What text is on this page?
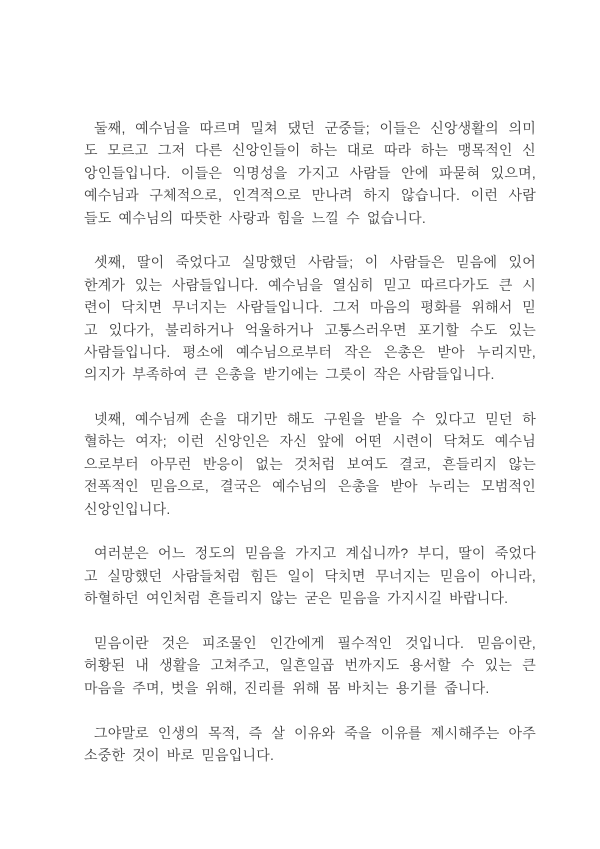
둘째, 예수님을 따르며 밀쳐 댔던 군중들; 이들은 신앙생활의 의미
도 모르고 그저 다른 신앙인들이 하는 대로 따라 하는 맹목적인 신
앙인들입니다. 이들은 익명성을 가지고 사람들 안에 파묻혀 있으며,
예수님과 구체적으로, 인격적으로 만나려 하지 않습니다. 이런 사람
들도 예수님의 따뜻한 사랑과 힘을 느낄 수 없습니다.
셋째, 딸이 죽었다고 실망했던 사람들; 이 사람들은 믿음에 있어
한계가 있는 사람들입니다. 예수님을 열심히 믿고 따르다가도 큰 시
련이 닥치면 무너지는 사람들입니다. 그저 마음의 평화를 위해서 믿
고 있다가, 불리하거나 억울하거나 고통스러우면 포기할 수도 있는
사람들입니다. 평소에 예수님으로부터 작은 은총은 받아 누리지만,
의지가 부족하여 큰 은총을 받기에는 그릇이 작은 사람들입니다.
넷째, 예수님께 손을 대기만 해도 구원을 받을 수 있다고 믿던 하
혈하는 여자; 이런 신앙인은 자신 앞에 어떤 시련이 닥쳐도 예수님
으로부터 아무런 반응이 없는 것처럼 보여도 결코, 흔들리지 않는
전폭적인 믿음으로, 결국은 예수님의 은총을 받아 누리는 모범적인
신앙인입니다.
여러분은 어느 정도의 믿음을 가지고 계십니까? 부디, 딸이 죽었다
고 실망했던 사람들처럼 힘든 일이 닥치면 무너지는 믿음이 아니라,
하혈하던 여인처럼 흔들리지 않는 굳은 믿음을 가지시길 바랍니다.
믿음이란 것은 피조물인 인간에게 필수적인 것입니다. 믿음이란,
허황된 내 생활을 고쳐주고, 일흔일곱 번까지도 용서할 수 있는 큰
마음을 주며, 벗을 위해, 진리를 위해 몸 바치는 용기를 줍니다.
그야말로 인생의 목적, 즉 살 이유와 죽을 이유를 제시해주는 아주
소중한 것이 바로 믿음입니다.
